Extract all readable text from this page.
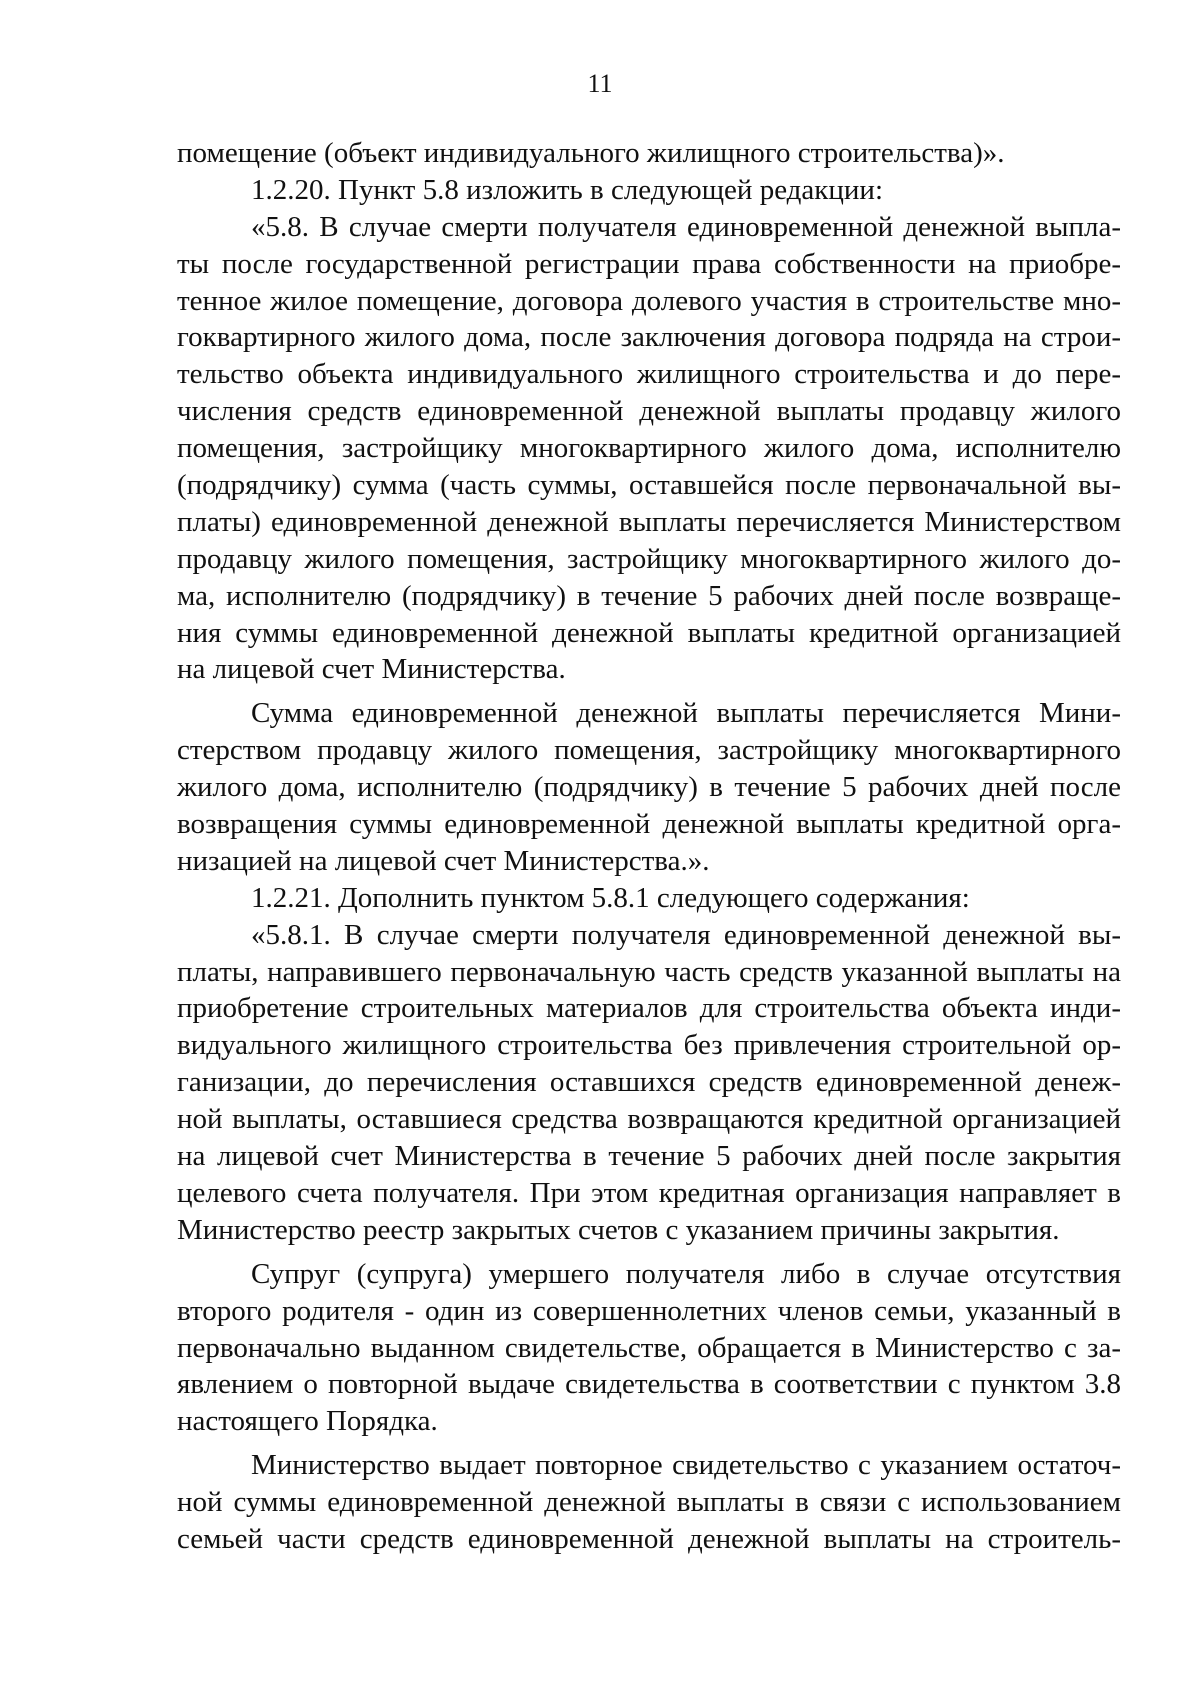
11
помещение (объект индивидуального жилищного строительства)».
1.2.20. Пункт 5.8 изложить в следующей редакции:
«5.8. В случае смерти получателя единовременной денежной выпла-
ты после государственной регистрации права собственности на приобре-
тенное жилое помещение, договора долевого участия в строительстве мно-
гоквартирного жилого дома, после заключения договора подряда на строи-
тельство объекта индивидуального жилищного строительства и до пере-
числения средств единовременной денежной выплаты продавцу жилого
помещения, застройщику многоквартирного жилого дома, исполнителю
(подрядчику) сумма (часть суммы, оставшейся после первоначальной вы-
платы) единовременной денежной выплаты перечисляется Министерством
продавцу жилого помещения, застройщику многоквартирного жилого до-
ма, исполнителю (подрядчику) в течение 5 рабочих дней после возвраще-
ния суммы единовременной денежной выплаты кредитной организацией
на лицевой счет Министерства.
Сумма единовременной денежной выплаты перечисляется Мини-
стерством продавцу жилого помещения, застройщику многоквартирного
жилого дома, исполнителю (подрядчику) в течение 5 рабочих дней после
возвращения суммы единовременной денежной выплаты кредитной орга-
низацией на лицевой счет Министерства.».
1.2.21. Дополнить пунктом 5.8.1 следующего содержания:
«5.8.1. В случае смерти получателя единовременной денежной вы-
платы, направившего первоначальную часть средств указанной выплаты на
приобретение строительных материалов для строительства объекта инди-
видуального жилищного строительства без привлечения строительной ор-
ганизации, до перечисления оставшихся средств единовременной денеж-
ной выплаты, оставшиеся средства возвращаются кредитной организацией
на лицевой счет Министерства в течение 5 рабочих дней после закрытия
целевого счета получателя. При этом кредитная организация направляет в
Министерство реестр закрытых счетов с указанием причины закрытия.
Супруг (супруга) умершего получателя либо в случае отсутствия
второго родителя - один из совершеннолетних членов семьи, указанный в
первоначально выданном свидетельстве, обращается в Министерство с за-
явлением о повторной выдаче свидетельства в соответствии с пунктом 3.8
настоящего Порядка.
Министерство выдает повторное свидетельство с указанием остаточ-
ной суммы единовременной денежной выплаты в связи с использованием
семьей части средств единовременной денежной выплаты на строитель-
